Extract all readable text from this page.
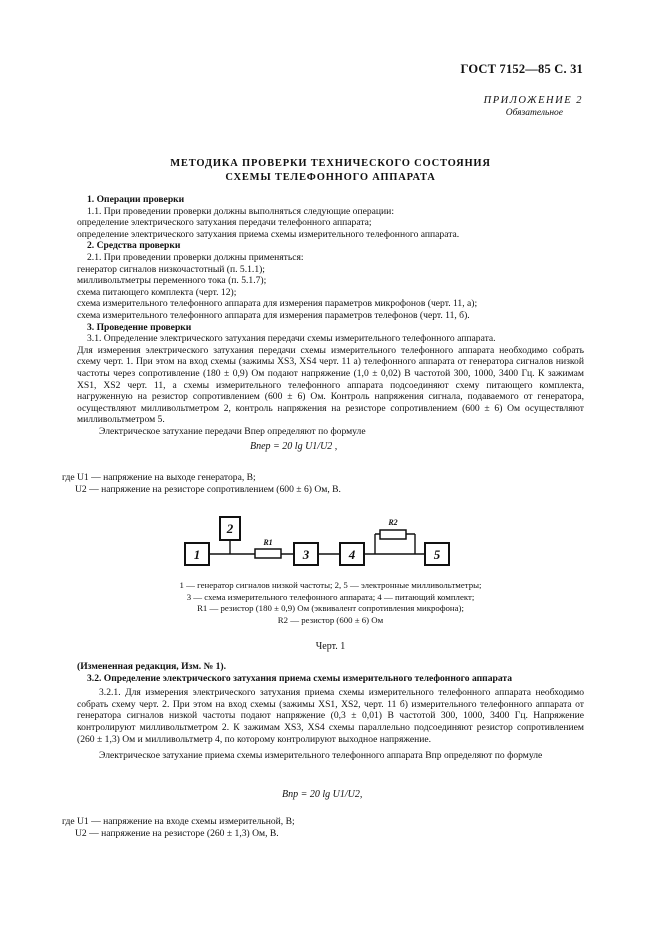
ГОСТ 7152—85 С. 31
ПРИЛОЖЕНИЕ 2
Обязательное
МЕТОДИКА ПРОВЕРКИ ТЕХНИЧЕСКОГО СОСТОЯНИЯ
СХЕМЫ ТЕЛЕФОННОГО АППАРАТА

1. Операции проверки

1.1. При проведении проверки должны выполняться следующие операции:

определение электрического затухания передачи телефонного аппарата;

определение электрического затухания приема схемы измерительного телефонного аппарата.

2. Средства проверки

2.1. При проведении проверки должны применяться:

генератор сигналов низкочастотный (п. 5.1.1);

милливольтметры переменного тока (п. 5.1.7);

схема питающего комплекта (черт. 12);

схема измерительного телефонного аппарата для измерения параметров микрофонов (черт. 11, а);

схема измерительного телефонного аппарата для измерения параметров телефонов (черт. 11, б).

3. Проведение проверки

3.1. Определение электрического затухания передачи схемы измерительного телефонного аппарата.

Для измерения электрического затухания передачи схемы измерительного телефонного аппарата необходимо собрать схему черт. 1. При этом на вход схемы (зажимы XS3, XS4 черт. 11 а) телефонного аппарата от генератора сигналов низкой частоты через сопротивление (180 ± 0,9) Ом подают напряжение (1,0 ± 0,02) В частотой 300, 1000, 3400 Гц. К зажимам XS1, XS2 черт. 11, а схемы измерительного телефонного аппарата подсоединяют схему питающего комплекта, нагруженную на резистор сопротивлением (600 ± 6) Ом. Контроль напряжения сигнала, подаваемого от генератора, осуществляют милливольтметром 2, контроль напряжения на резисторе сопротивлением (600 ± 6) Ом осуществляют милливольтметром 5.

Электрическое затухание передачи Bпер определяют по формуле

Bпер = 20 lg U1/U2 ,

где U1 — напряжение на выходе генератора, В;

U2 — напряжение на резисторе сопротивлением (600 ± 6) Ом, В.

1
2
3	4	5
R1
R2
1 — генератор сигналов низкой частоты; 2, 5 — электронные милливольтметры;
3 — схема измерительного телефонного аппарата; 4 — питающий комплект;
R1 — резистор (180 ± 0,9) Ом (эквивалент сопротивления микрофона);
R2 — резистор (600 ± 6) Ом
Черт. 1

(Измененная редакция, Изм. № 1).

3.2. Определение электрического затухания приема схемы измерительного телефонного аппарата

3.2.1. Для измерения электрического затухания приема схемы измерительного телефонного аппарата необходимо собрать схему черт. 2. При этом на вход схемы (зажимы XS1, XS2, черт. 11 б) измерительного телефонного аппарата от генератора сигналов низкой частоты подают напряжение (0,3 ± 0,01) В частотой 300, 1000, 3400 Гц. Напряжение контролируют милливольтметром 2. К зажимам XS3, XS4 схемы параллельно подсоединяют резистор сопротивлением (260 ± 1,3) Ом и милливольтметр 4, по которому контролируют выходное напряжение.

Электрическое затухание приема схемы измерительного телефонного аппарата Bпр определяют по формуле

Bпр = 20 lg U1/U2,

где U1 — напряжение на входе схемы измерительной, В;

U2 — напряжение на резисторе (260 ± 1,3) Ом, В.
